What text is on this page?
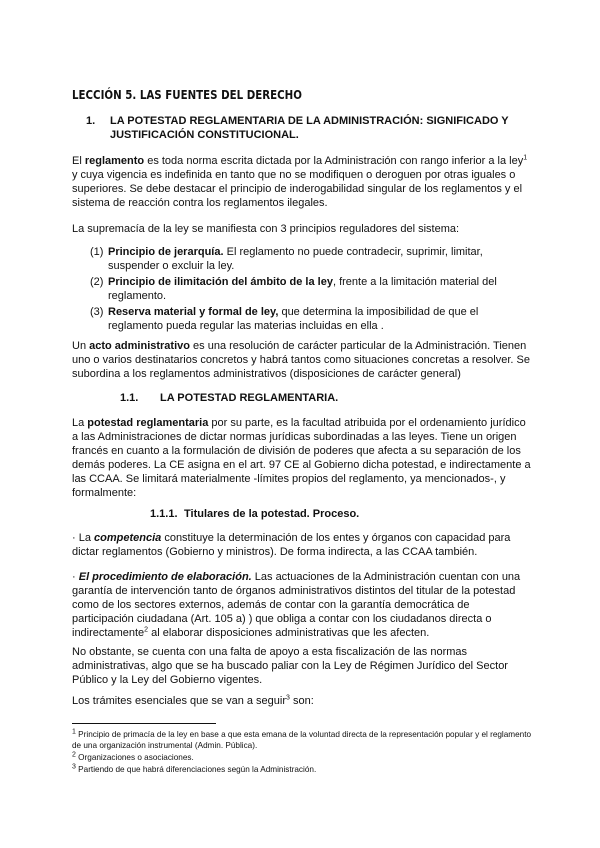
LECCIÓN 5. LAS FUENTES DEL DERECHO
1. LA POTESTAD REGLAMENTARIA DE LA ADMINISTRACIÓN: SIGNIFICADO Y JUSTIFICACIÓN CONSTITUCIONAL.
El reglamento es toda norma escrita dictada por la Administración con rango inferior a la ley$^1$ y cuya vigencia es indefinida en tanto que no se modifiquen o deroguen por otras iguales o superiores. Se debe destacar el principio de inderogabilidad singular de los reglamentos y el sistema de reacción contra los reglamentos ilegales.
La supremacía de la ley se manifiesta con 3 principios reguladores del sistema:
(1) Principio de jerarquía. El reglamento no puede contradecir, suprimir, limitar, suspender o excluir la ley.
(2) Principio de ilimitación del ámbito de la ley, frente a la limitación material del reglamento.
(3) Reserva material y formal de ley, que determina la imposibilidad de que el reglamento pueda regular las materias incluidas en ella .
Un acto administrativo es una resolución de carácter particular de la Administración. Tienen uno o varios destinatarios concretos y habrá tantos como situaciones concretas a resolver. Se subordina a los reglamentos administrativos (disposiciones de carácter general)
1.1. LA POTESTAD REGLAMENTARIA.
La potestad reglamentaria por su parte, es la facultad atribuida por el ordenamiento jurídico a las Administraciones de dictar normas jurídicas subordinadas a las leyes. Tiene un origen francés en cuanto a la formulación de división de poderes que afecta a su separación de los demás poderes. La CE asigna en el art. 97 CE al Gobierno dicha potestad, e indirectamente a las CCAA. Se limitará materialmente -límites propios del reglamento, ya mencionados-, y formalmente:
1.1.1. Titulares de la potestad. Proceso.
· La competencia constituye la determinación de los entes y órganos con capacidad para dictar reglamentos (Gobierno y ministros). De forma indirecta, a las CCAA también.
· El procedimiento de elaboración. Las actuaciones de la Administración cuentan con una garantía de intervención tanto de órganos administrativos distintos del titular de la potestad como de los sectores externos, además de contar con la garantía democrática de participación ciudadana (Art. 105 a) ) que obliga a contar con los ciudadanos directa o indirectamente$^2$ al elaborar disposiciones administrativas que les afecten.
No obstante, se cuenta con una falta de apoyo a esta fiscalización de las normas administrativas, algo que se ha buscado paliar con la Ley de Régimen Jurídico del Sector Público y la Ley del Gobierno vigentes.
Los trámites esenciales que se van a seguir$^3$ son:
$^1$ Principio de primacía de la ley en base a que esta emana de la voluntad directa de la representación popular y el reglamento de una organización instrumental (Admin. Pública).
$^2$ Organizaciones o asociaciones.
$^3$ Partiendo de que habrá diferenciaciones según la Administración.
